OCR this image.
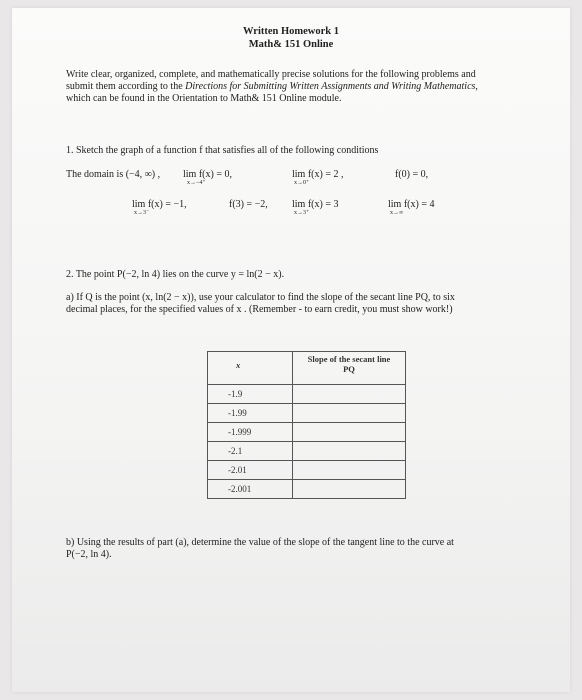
Written Homework 1
Math& 151 Online
Write clear, organized, complete, and mathematically precise solutions for the following problems and
submit them according to the Directions for Submitting Written Assignments and Writing Mathematics,
which can be found in the Orientation to Math& 151 Online module.
1. Sketch the graph of a function f that satisfies all of the following conditions
The domain is (−4, ∞) , lim f(x) = 0,
x→−4⁺
lim f(x) = 2 ,
x→0⁺
f(0) = 0,
lim f(x) = −1,
x→3⁻
f(3) = −2, lim f(x) = 3
x→3⁺
lim f(x) = 4
x→∞
2. The point P(−2, ln 4) lies on the curve y = ln(2 − x).
a) If Q is the point (x, ln(2 − x)), use your calculator to find the slope of the secant line PQ, to six
decimal places, for the specified values of x . (Remember - to earn credit, you must show work!)
x	Slope of the secant line PQ
-1.9	
-1.99	
-1.999	
-2.1	
-2.01	
-2.001	
b) Using the results of part (a), determine the value of the slope of the tangent line to the curve at
P(−2, ln 4).
